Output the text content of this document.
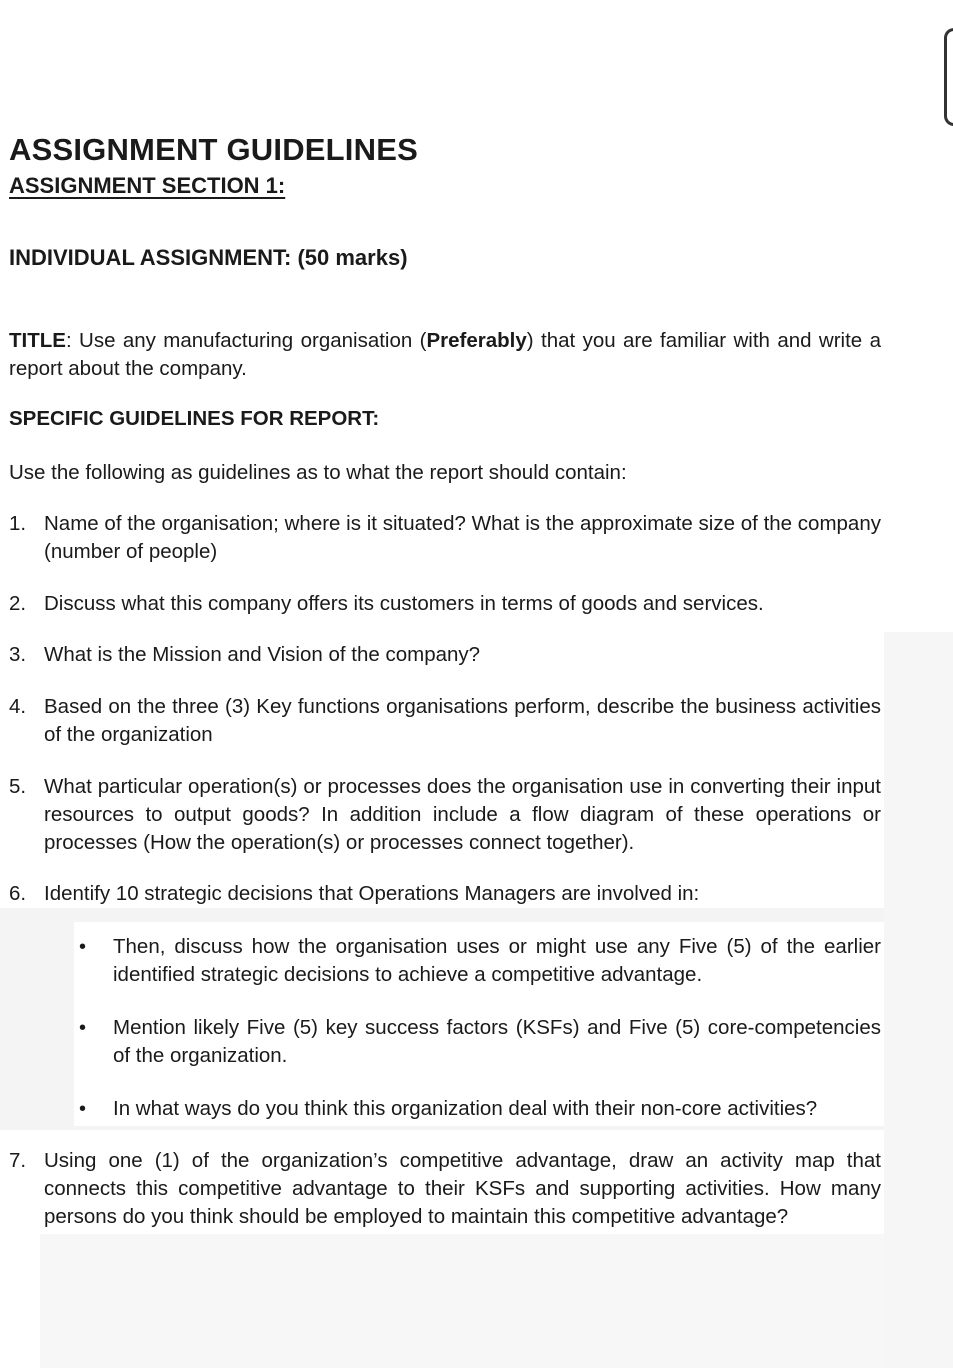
ASSIGNMENT GUIDELINES
ASSIGNMENT SECTION 1:
INDIVIDUAL ASSIGNMENT: (50 marks)
TITLE: Use any manufacturing organisation (Preferably) that you are familiar with and write a report about the company.
SPECIFIC GUIDELINES FOR REPORT:
Use the following as guidelines as to what the report should contain:
1. Name of the organisation; where is it situated? What is the approximate size of the company (number of people)
2. Discuss what this company offers its customers in terms of goods and services.
3. What is the Mission and Vision of the company?
4. Based on the three (3) Key functions organisations perform, describe the business activities of the organization
5. What particular operation(s) or processes does the organisation use in converting their input resources to output goods? In addition include a flow diagram of these operations or processes (How the operation(s) or processes connect together).
6. Identify 10 strategic decisions that Operations Managers are involved in:
• Then, discuss how the organisation uses or might use any Five (5) of the earlier identified strategic decisions to achieve a competitive advantage.
• Mention likely Five (5) key success factors (KSFs) and Five (5) core-competencies of the organization.
• In what ways do you think this organization deal with their non-core activities?
7. Using one (1) of the organization’s competitive advantage, draw an activity map that connects this competitive advantage to their KSFs and supporting activities. How many persons do you think should be employed to maintain this competitive advantage?
